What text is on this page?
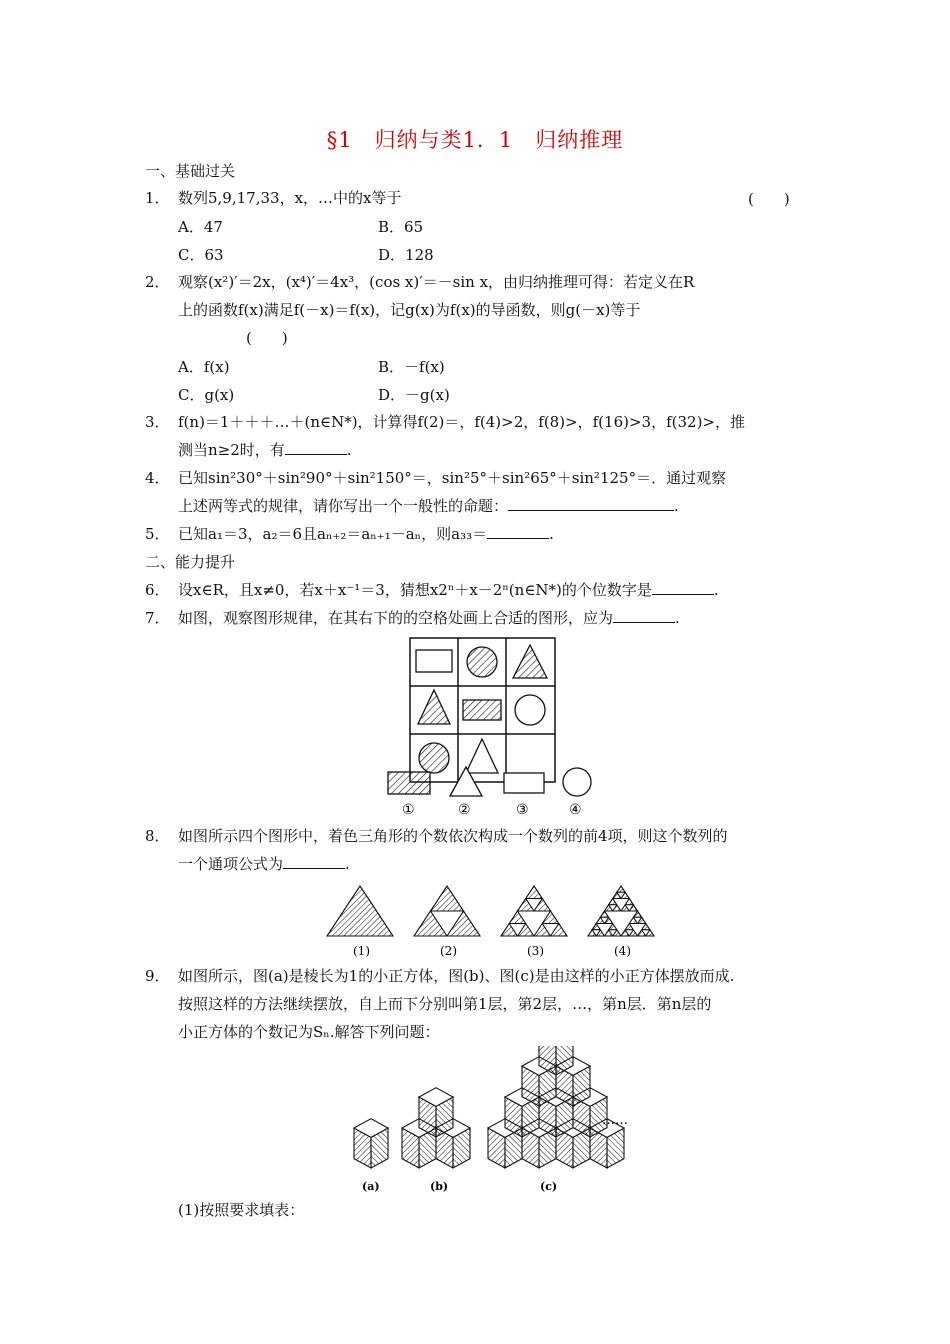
§1　归纳与类1．1　归纳推理
一、基础过关
1． 数列5,9,17,33，x，…中的x等于	(　　)
A．47	B．65
C．63	D．128
2． 观察(x²)′＝2x，(x⁴)′＝4x³，(cos x)′＝－sin x，由归纳推理可得：若定义在R
上的函数f(x)满足f(－x)＝f(x)，记g(x)为f(x)的导函数，则g(－x)等于
(　　)
A．f(x)	B．－f(x)
C．g(x)	D．－g(x)
3． f(n)＝1＋＋＋…＋(n∈N*)，计算得f(2)＝，f(4)>2，f(8)>，f(16)>3，f(32)>，推
测当n≥2时，有	.
4． 已知sin²30°＋sin²90°＋sin²150°＝，sin²5°＋sin²65°＋sin²125°＝．通过观察
上述两等式的规律，请你写出一个一般性的命题：	.
5． 已知a₁＝3，a₂＝6且aₙ₊₂＝aₙ₊₁－aₙ，则a₃₃＝	.
二、能力提升
6． 设x∈R，且x≠0，若x＋x⁻¹＝3，猜想x2ⁿ＋x－2ⁿ(n∈N*)的个位数字是	.
7． 如图，观察图形规律，在其右下的的空格处画上合适的图形，应为	.
①	②	③	④
8． 如图所示四个图形中，着色三角形的个数依次构成一个数列的前4项，则这个数列的
一个通项公式为	.
(1)	(2)	(3)	(4)
9． 如图所示，图(a)是棱长为1的小正方体，图(b)、图(c)是由这样的小正方体摆放而成.
按照这样的方法继续摆放，自上而下分别叫第1层，第2层，…，第n层．第n层的
小正方体的个数记为Sₙ.解答下列问题：
……
(a)	(b)	(c)
(1)按照要求填表：
